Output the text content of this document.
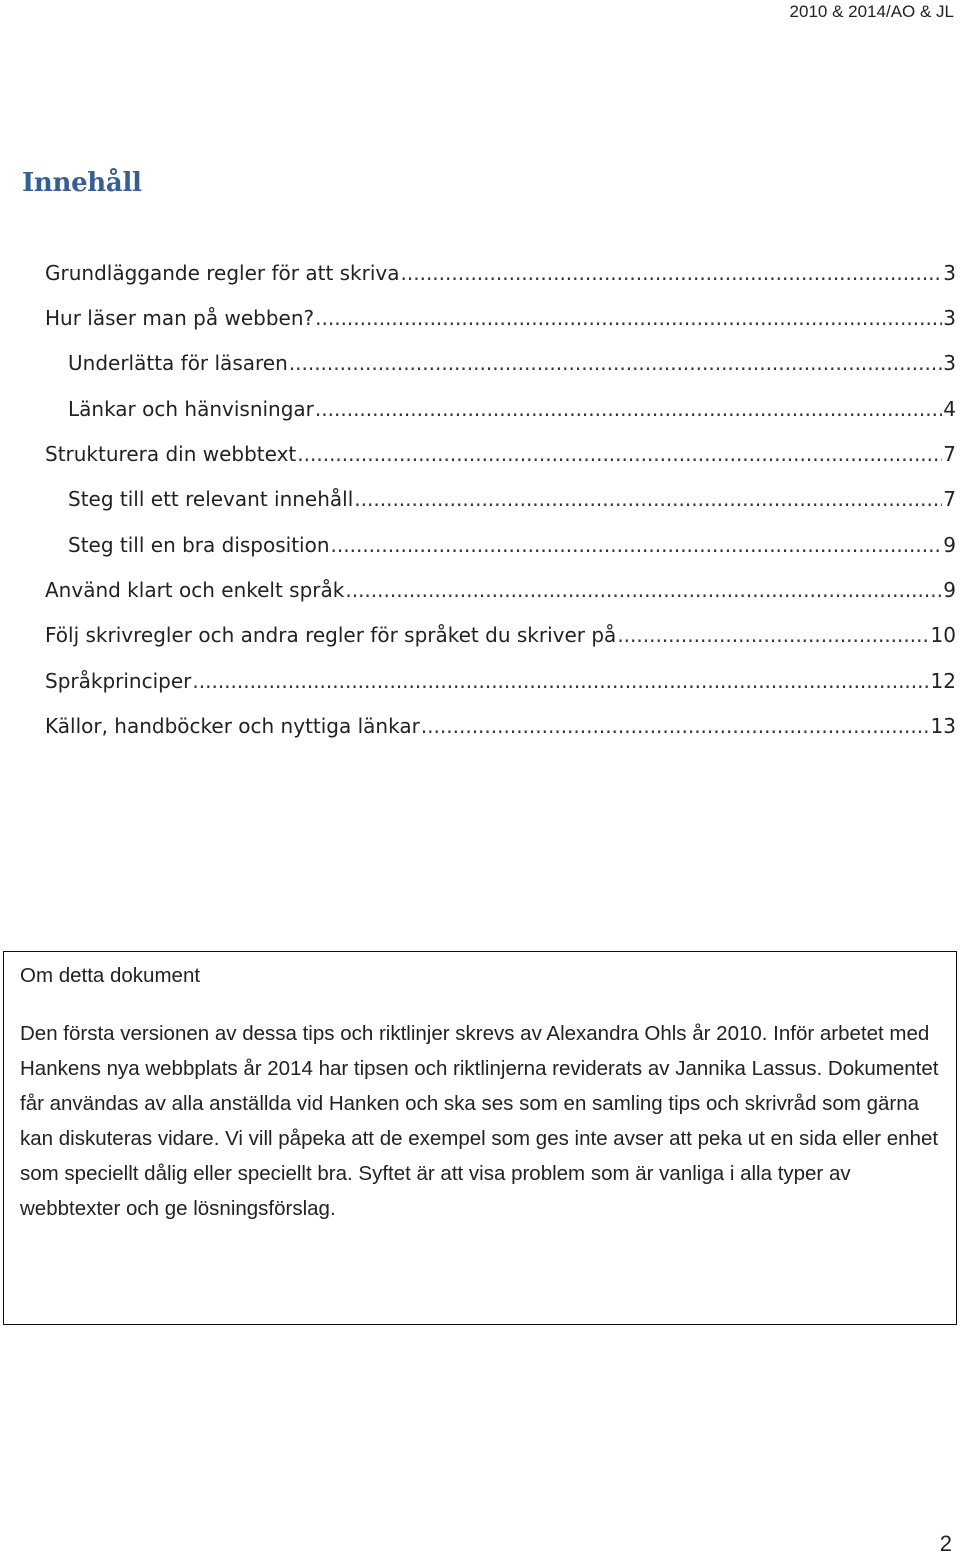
2010 & 2014/AO & JL
Innehåll
Grundläggande regler för att skriva .....	3
Hur läser man på webben? .....	3
Underlätta för läsaren .....	3
Länkar och hänvisningar .....	4
Strukturera din webbtext .....	7
Steg till ett relevant innehåll .....	7
Steg till en bra disposition .....	9
Använd klart och enkelt språk .....	9
Följ skrivregler och andra regler för språket du skriver på .....	10
Språkprinciper .....	12
Källor, handböcker och nyttiga länkar .....	13
Om detta dokument

Den första versionen av dessa tips och riktlinjer skrevs av Alexandra Ohls år 2010. Inför arbetet med Hankens nya webbplats år 2014 har tipsen och riktlinjerna reviderats av Jannika Lassus. Dokumentet får användas av alla anställda vid Hanken och ska ses som en samling tips och skrivråd som gärna kan diskuteras vidare. Vi vill påpeka att de exempel som ges inte avser att peka ut en sida eller enhet som speciellt dålig eller speciellt bra. Syftet är att visa problem som är vanliga i alla typer av webbtexter och ge lösningsförslag.

2
